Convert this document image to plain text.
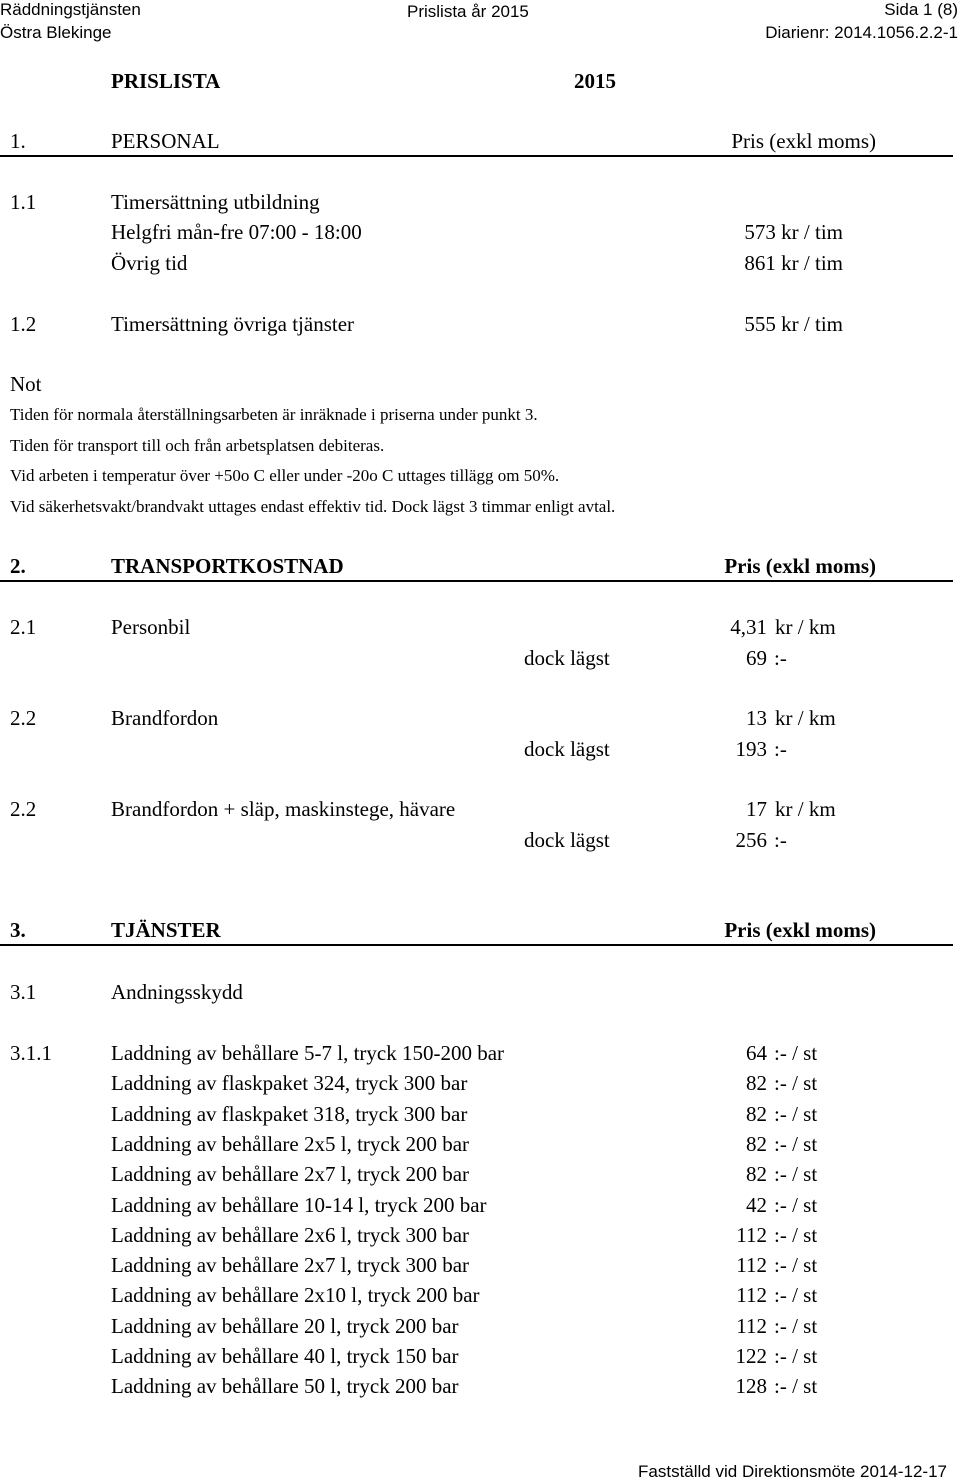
Räddningstjänsten
Östra Blekinge
Prislista år 2015	Sida 1 (8)
Diarienr: 2014.1056.2.2-1
PRISLISTA	2015
1.	PERSONAL	Pris (exkl moms)
1.1	Timersättning utbildning
Helgfri mån-fre 07:00 - 18:00	573 kr / tim
Övrig tid	861 kr / tim
1.2	Timersättning övriga tjänster	555 kr / tim
Not
Tiden för normala återställningsarbeten är inräknade i priserna under punkt 3.
Tiden för transport till och från arbetsplatsen debiteras.
Vid arbeten i temperatur över +50o C eller under -20o C uttages tillägg om 50%.
Vid säkerhetsvakt/brandvakt uttages endast effektiv tid. Dock lägst 3 timmar enligt avtal.
2.	TRANSPORTKOSTNAD	Pris (exkl moms)
2.1	Personbil	4,31 kr / km
dock lägst	69 :-
2.2	Brandfordon	13 kr / km
dock lägst	193 :-
2.2	Brandfordon + släp, maskinstege, hävare	17 kr / km
dock lägst	256 :-
3.	TJÄNSTER	Pris (exkl moms)
3.1	Andningsskydd
3.1.1	Laddning av behållare 5-7 l, tryck 150-200 bar	64 :- / st
Laddning av flaskpaket 324, tryck 300 bar	82 :- / st
Laddning av flaskpaket 318, tryck 300 bar	82 :- / st
Laddning av behållare 2x5 l, tryck 200 bar	82 :- / st
Laddning av behållare 2x7 l, tryck 200 bar	82 :- / st
Laddning av behållare 10-14 l, tryck 200 bar	42 :- / st
Laddning av behållare 2x6 l, tryck 300 bar	112 :- / st
Laddning av behållare 2x7 l, tryck 300 bar	112 :- / st
Laddning av behållare 2x10 l, tryck 200 bar	112 :- / st
Laddning av behållare 20 l, tryck 200 bar	112 :- / st
Laddning av behållare 40 l, tryck 150 bar	122 :- / st
Laddning av behållare 50 l, tryck 200 bar	128 :- / st
Fastställd vid Direktionsmöte 2014-12-17
